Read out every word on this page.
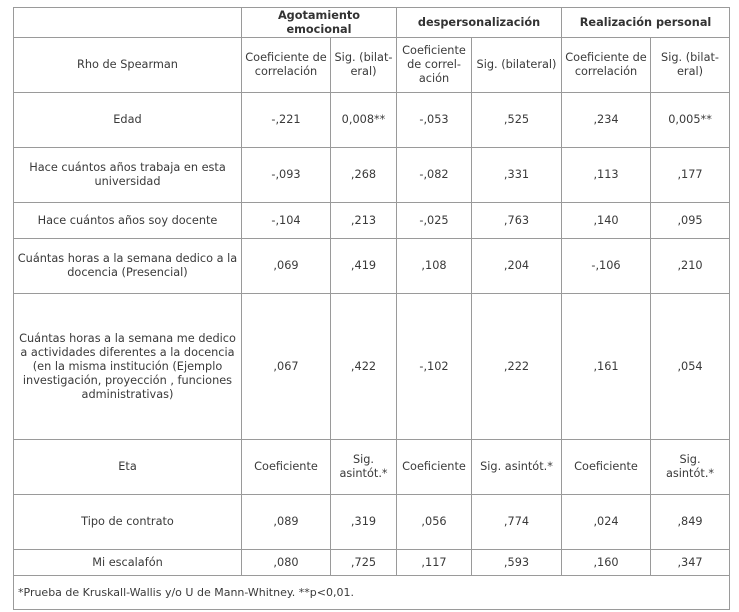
	Agotamiento emocional		despersonalización		Realización personal	
Rho de Spearman	Coeficiente de correlación	Sig. (bilat-eral)	Coeficiente de correl-ación	Sig. (bilateral)	Coeficiente de correlación	Sig. (bilat-eral)
Edad	-,221	0,008**	-,053	,525	,234	0,005**
Hace cuántos años trabaja en esta universidad	-,093	,268	-,082	,331	,113	,177
Hace cuántos años soy docente	-,104	,213	-,025	,763	,140	,095
Cuántas horas a la semana dedico a la docencia (Presencial)	,069	,419	,108	,204	-,106	,210
Cuántas horas a la semana me dedico a actividades diferentes a la docencia (en la misma institución (Ejemplo investigación, proyección , funciones administrativas)	,067	,422	-,102	,222	,161	,054
Eta	Coeficiente	Sig. asintót.*	Coeficiente	Sig. asintót.*	Coeficiente	Sig. asintót.*
Tipo de contrato	,089	,319	,056	,774	,024	,849
Mi escalafón	,080	,725	,117	,593	,160	,347
*Prueba de Kruskall-Wallis y/o U de Mann-Whitney. **p<0,01.						
